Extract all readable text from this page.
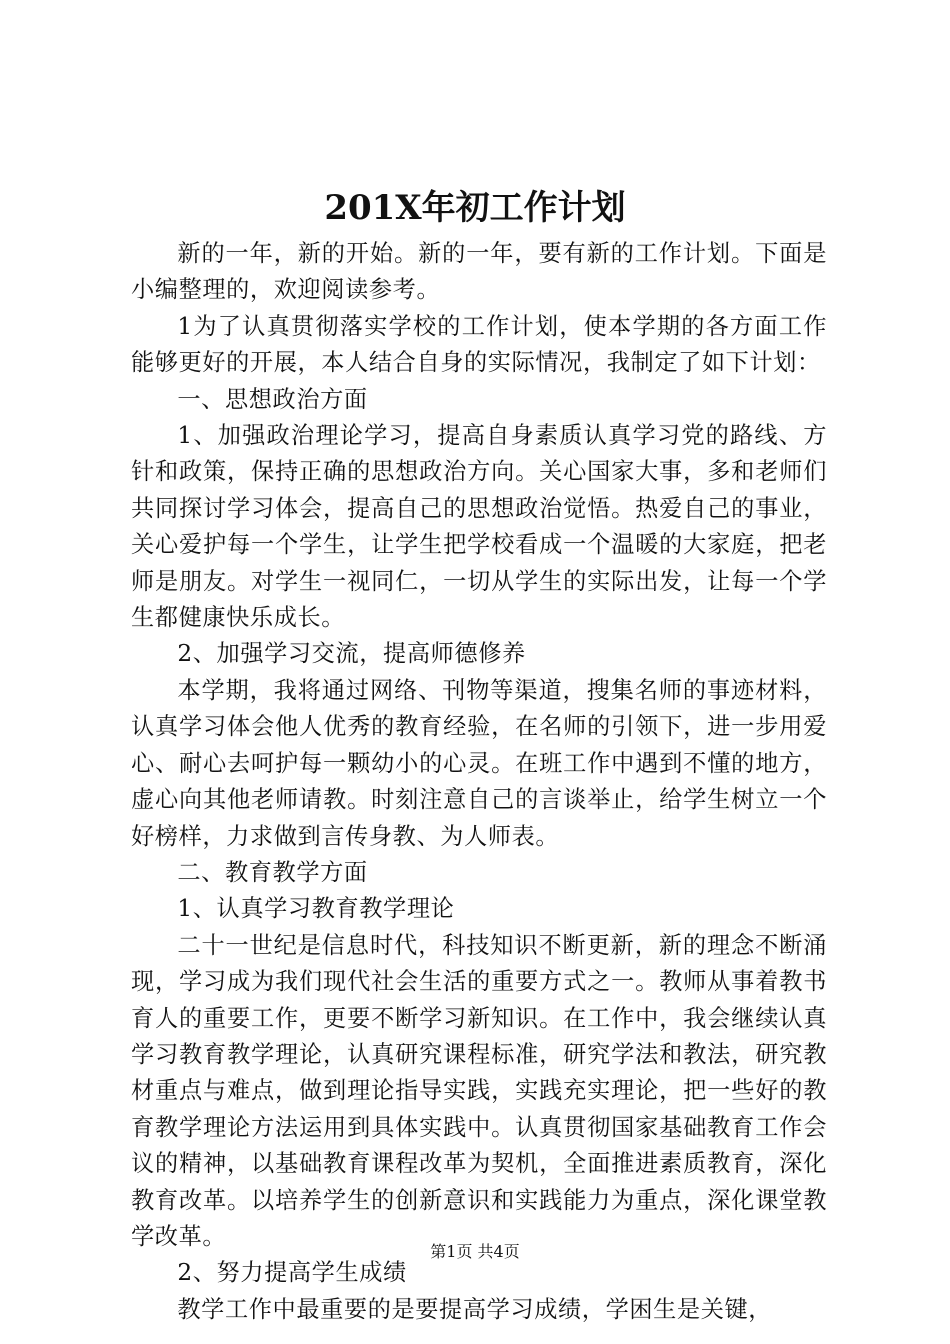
201X年初工作计划

新的一年，新的开始。新的一年，要有新的工作计划。下面是小编整理的，欢迎阅读参考。

1为了认真贯彻落实学校的工作计划，使本学期的各方面工作能够更好的开展，本人结合自身的实际情况，我制定了如下计划：

一、思想政治方面

1、加强政治理论学习，提高自身素质认真学习党的路线、方针和政策，保持正确的思想政治方向。关心国家大事，多和老师们共同探讨学习体会，提高自己的思想政治觉悟。热爱自己的事业，关心爱护每一个学生，让学生把学校看成一个温暖的大家庭，把老师是朋友。对学生一视同仁，一切从学生的实际出发，让每一个学生都健康快乐成长。

2、加强学习交流，提高师德修养

本学期，我将通过网络、刊物等渠道，搜集名师的事迹材料，认真学习体会他人优秀的教育经验，在名师的引领下，进一步用爱心、耐心去呵护每一颗幼小的心灵。在班工作中遇到不懂的地方，虚心向其他老师请教。时刻注意自己的言谈举止，给学生树立一个好榜样，力求做到言传身教、为人师表。

二、教育教学方面

1、认真学习教育教学理论

二十一世纪是信息时代，科技知识不断更新，新的理念不断涌现，学习成为我们现代社会生活的重要方式之一。教师从事着教书育人的重要工作，更要不断学习新知识。在工作中，我会继续认真学习教育教学理论，认真研究课程标准，研究学法和教法，研究教材重点与难点，做到理论指导实践，实践充实理论，把一些好的教育教学理论方法运用到具体实践中。认真贯彻国家基础教育工作会议的精神，以基础教育课程改革为契机，全面推进素质教育，深化教育改革。以培养学生的创新意识和实践能力为重点，深化课堂教学改革。

2、努力提高学生成绩

教学工作中最重要的是要提高学习成绩，学困生是关键，

第1页 共4页
